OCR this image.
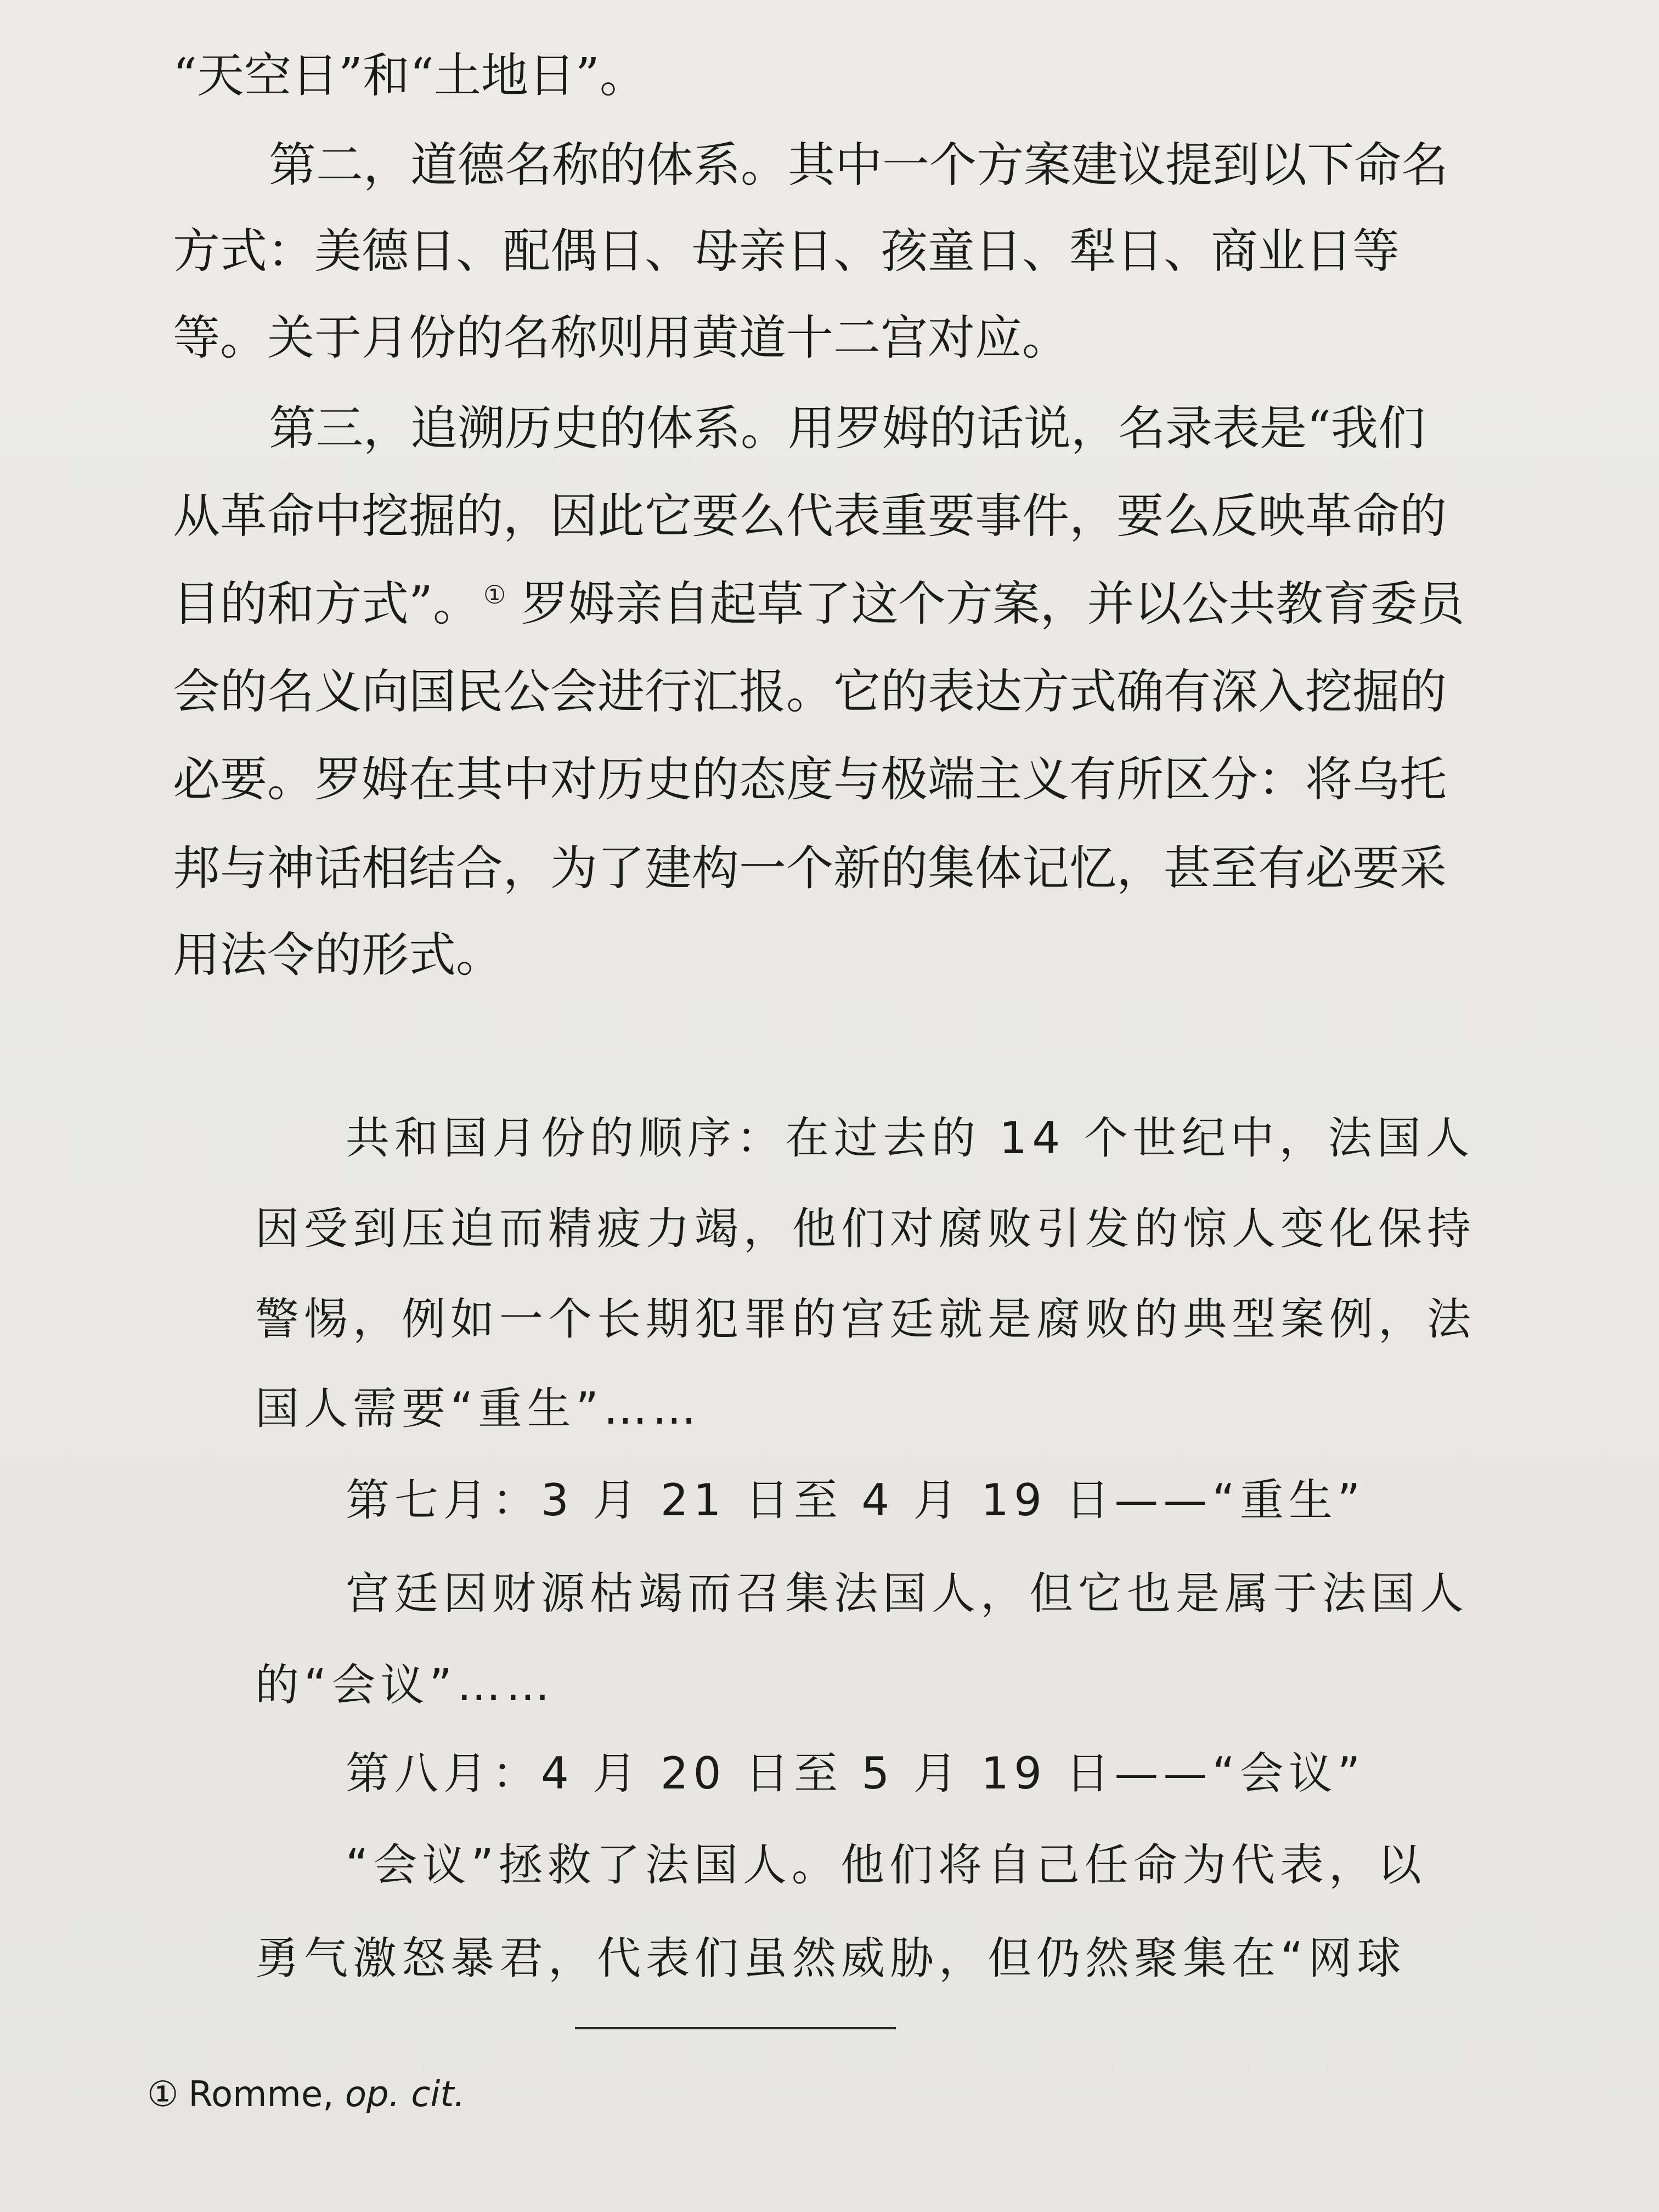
“天空日”和“土地日”。
第二，道德名称的体系。其中一个方案建议提到以下命名
方式：美德日、配偶日、母亲日、孩童日、犁日、商业日等
等。关于月份的名称则用黄道十二宫对应。
第三，追溯历史的体系。用罗姆的话说，名录表是“我们
从革命中挖掘的，因此它要么代表重要事件，要么反映革命的
目的和方式”。 ① 罗姆亲自起草了这个方案，并以公共教育委员
会的名义向国民公会进行汇报。它的表达方式确有深入挖掘的
必要。罗姆在其中对历史的态度与极端主义有所区分：将乌托
邦与神话相结合，为了建构一个新的集体记忆，甚至有必要采
用法令的形式。
共和国月份的顺序：在过去的 14 个世纪中，法国人
因受到压迫而精疲力竭，他们对腐败引发的惊人变化保持
警惕，例如一个长期犯罪的宫廷就是腐败的典型案例，法
国人需要“重生”……
第七月：3 月 21 日至 4 月 19 日——“重生”
宫廷因财源枯竭而召集法国人，但它也是属于法国人
的“会议”……
第八月：4 月 20 日至 5 月 19 日——“会议”
“会议”拯救了法国人。他们将自己任命为代表，以
勇气激怒暴君，代表们虽然威胁，但仍然聚集在“网球
① Romme, op. cit.
